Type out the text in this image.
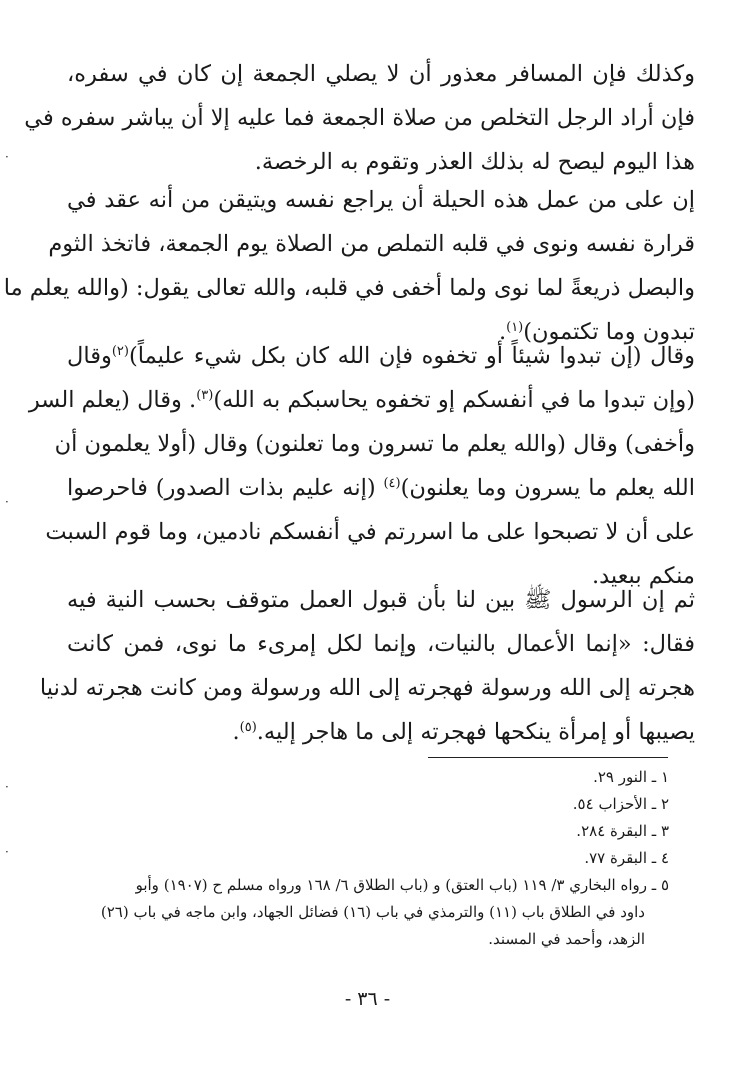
وكذلك فإن المسافر معذور أن لا يصلي الجمعة إن كان في سفره،
فإن أراد الرجل التخلص من صلاة الجمعة فما عليه إلا أن يباشر سفره في
هذا اليوم ليصح له بذلك العذر وتقوم به الرخصة.
إن على من عمل هذه الحيلة أن يراجع نفسه ويتيقن من أنه عقد في
قرارة نفسه ونوى في قلبه التملص من الصلاة يوم الجمعة، فاتخذ الثوم
والبصل ذريعةً لما نوى ولما أخفى في قلبه، والله تعالى يقول: (والله يعلم ما
تبدون وما تكتمون)$^{(١)}$.
وقال (إن تبدوا شيئاً أو تخفوه فإن الله كان بكل شيء عليماً)$^{(٢)}$وقال
(وإن تبدوا ما في أنفسكم إو تخفوه يحاسبكم به الله)$^{(٣)}$. وقال (يعلم السر
وأخفى) وقال (والله يعلم ما تسرون وما تعلنون) وقال (أولا يعلمون أن
الله يعلم ما يسرون وما يعلنون)$^{(٤)}$ (إنه عليم بذات الصدور) فاحرصوا
على أن لا تصبحوا على ما اسررتم في أنفسكم نادمين، وما قوم السبت
منكم ببعيد.
ثم إن الرسول ﷺ بين لنا بأن قبول العمل متوقف بحسب النية فيه
فقال: «إنما الأعمال بالنيات، وإنما لكل إمرىء ما نوى، فمن كانت
هجرته إلى الله ورسولة فهجرته إلى الله ورسولة ومن كانت هجرته لدنيا
يصيبها أو إمرأة ينكحها فهجرته إلى ما هاجر إليه.$^{(٥)}$.
١ ـ النور ٢٩.
٢ ـ الأحزاب ٥٤.
٣ ـ البقرة ٢٨٤.
٤ ـ البقرة ٧٧.
٥ ـ رواه البخاري ٣/ ١١٩ (باب العتق) و (باب الطلاق ٦/ ١٦٨ ورواه مسلم ح (١٩٠٧) وأبو
داود في الطلاق باب (١١) والترمذي في باب (١٦) فضائل الجهاد، وابن ماجه في باب (٢٦)
الزهد، وأحمد في المسند.
- ٣٦ -
·
·
·
·
